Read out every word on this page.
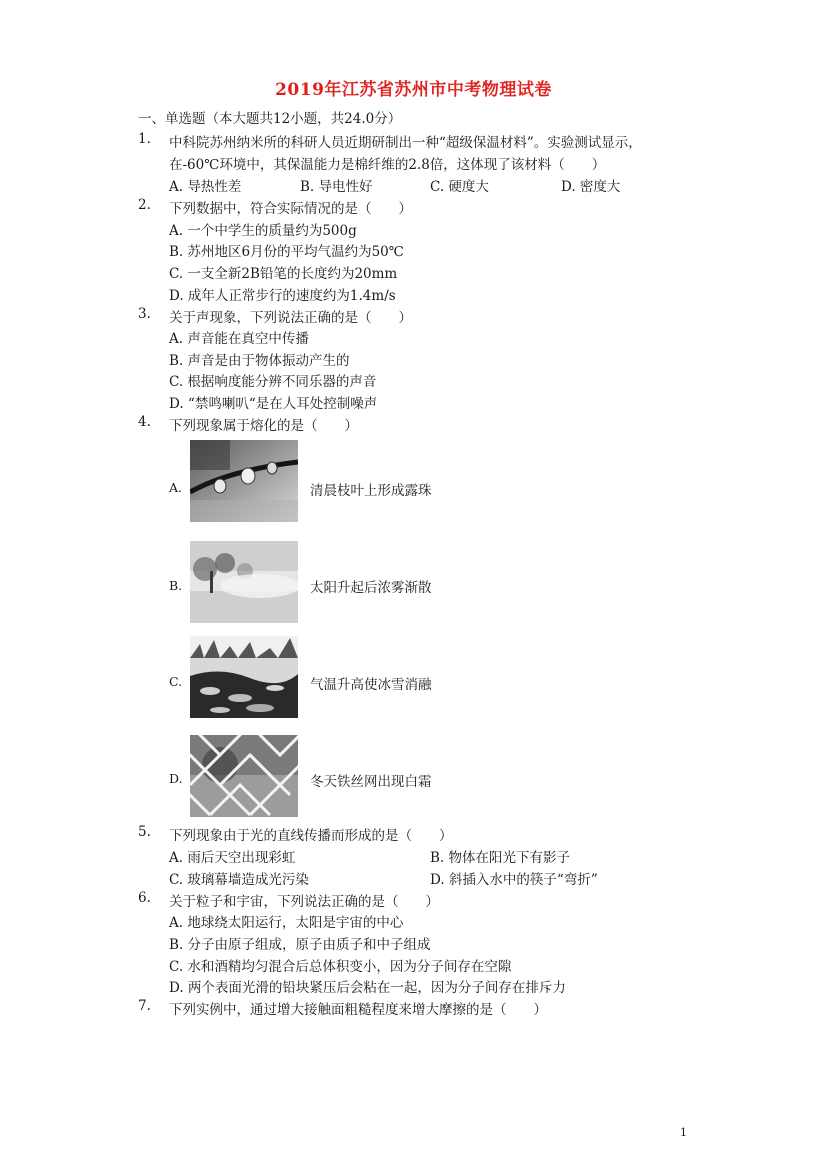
2019年江苏省苏州市中考物理试卷
一、单选题（本大题共12小题，共24.0分）
1. 中科院苏州纳米所的科研人员近期研制出一种“超级保温材料”。实验测试显示，
在-60℃环境中，其保温能力是棉纤维的2.8倍，这体现了该材料（　　）
A. 导热性差	B. 导电性好	C. 硬度大	D. 密度大
2. 下列数据中，符合实际情况的是（　　）
A. 一个中学生的质量约为500g
B. 苏州地区6月份的平均气温约为50℃
C. 一支全新2B铅笔的长度约为20mm
D. 成年人正常步行的速度约为1.4m/s
3. 关于声现象，下列说法正确的是（　　）
A. 声音能在真空中传播
B. 声音是由于物体振动产生的
C. 根据响度能分辨不同乐器的声音
D. “禁鸣喇叭“是在人耳处控制噪声
4. 下列现象属于熔化的是（　　）
A.	清晨枝叶上形成露珠
B.	太阳升起后浓雾渐散
C.	气温升高使冰雪消融
D.	冬天铁丝网出现白霜
5. 下列现象由于光的直线传播而形成的是（　　）
A. 雨后天空出现彩虹	B. 物体在阳光下有影子
C. 玻璃幕墙造成光污染	D. 斜插入水中的筷子“弯折”
6. 关于粒子和宇宙，下列说法正确的是（　　）
A. 地球绕太阳运行，太阳是宇宙的中心
B. 分子由原子组成，原子由质子和中子组成
C. 水和酒精均匀混合后总体积变小，因为分子间存在空隙
D. 两个表面光滑的铅块紧压后会粘在一起，因为分子间存在排斥力
7. 下列实例中，通过增大接触面粗糙程度来增大摩擦的是（　　）
1
